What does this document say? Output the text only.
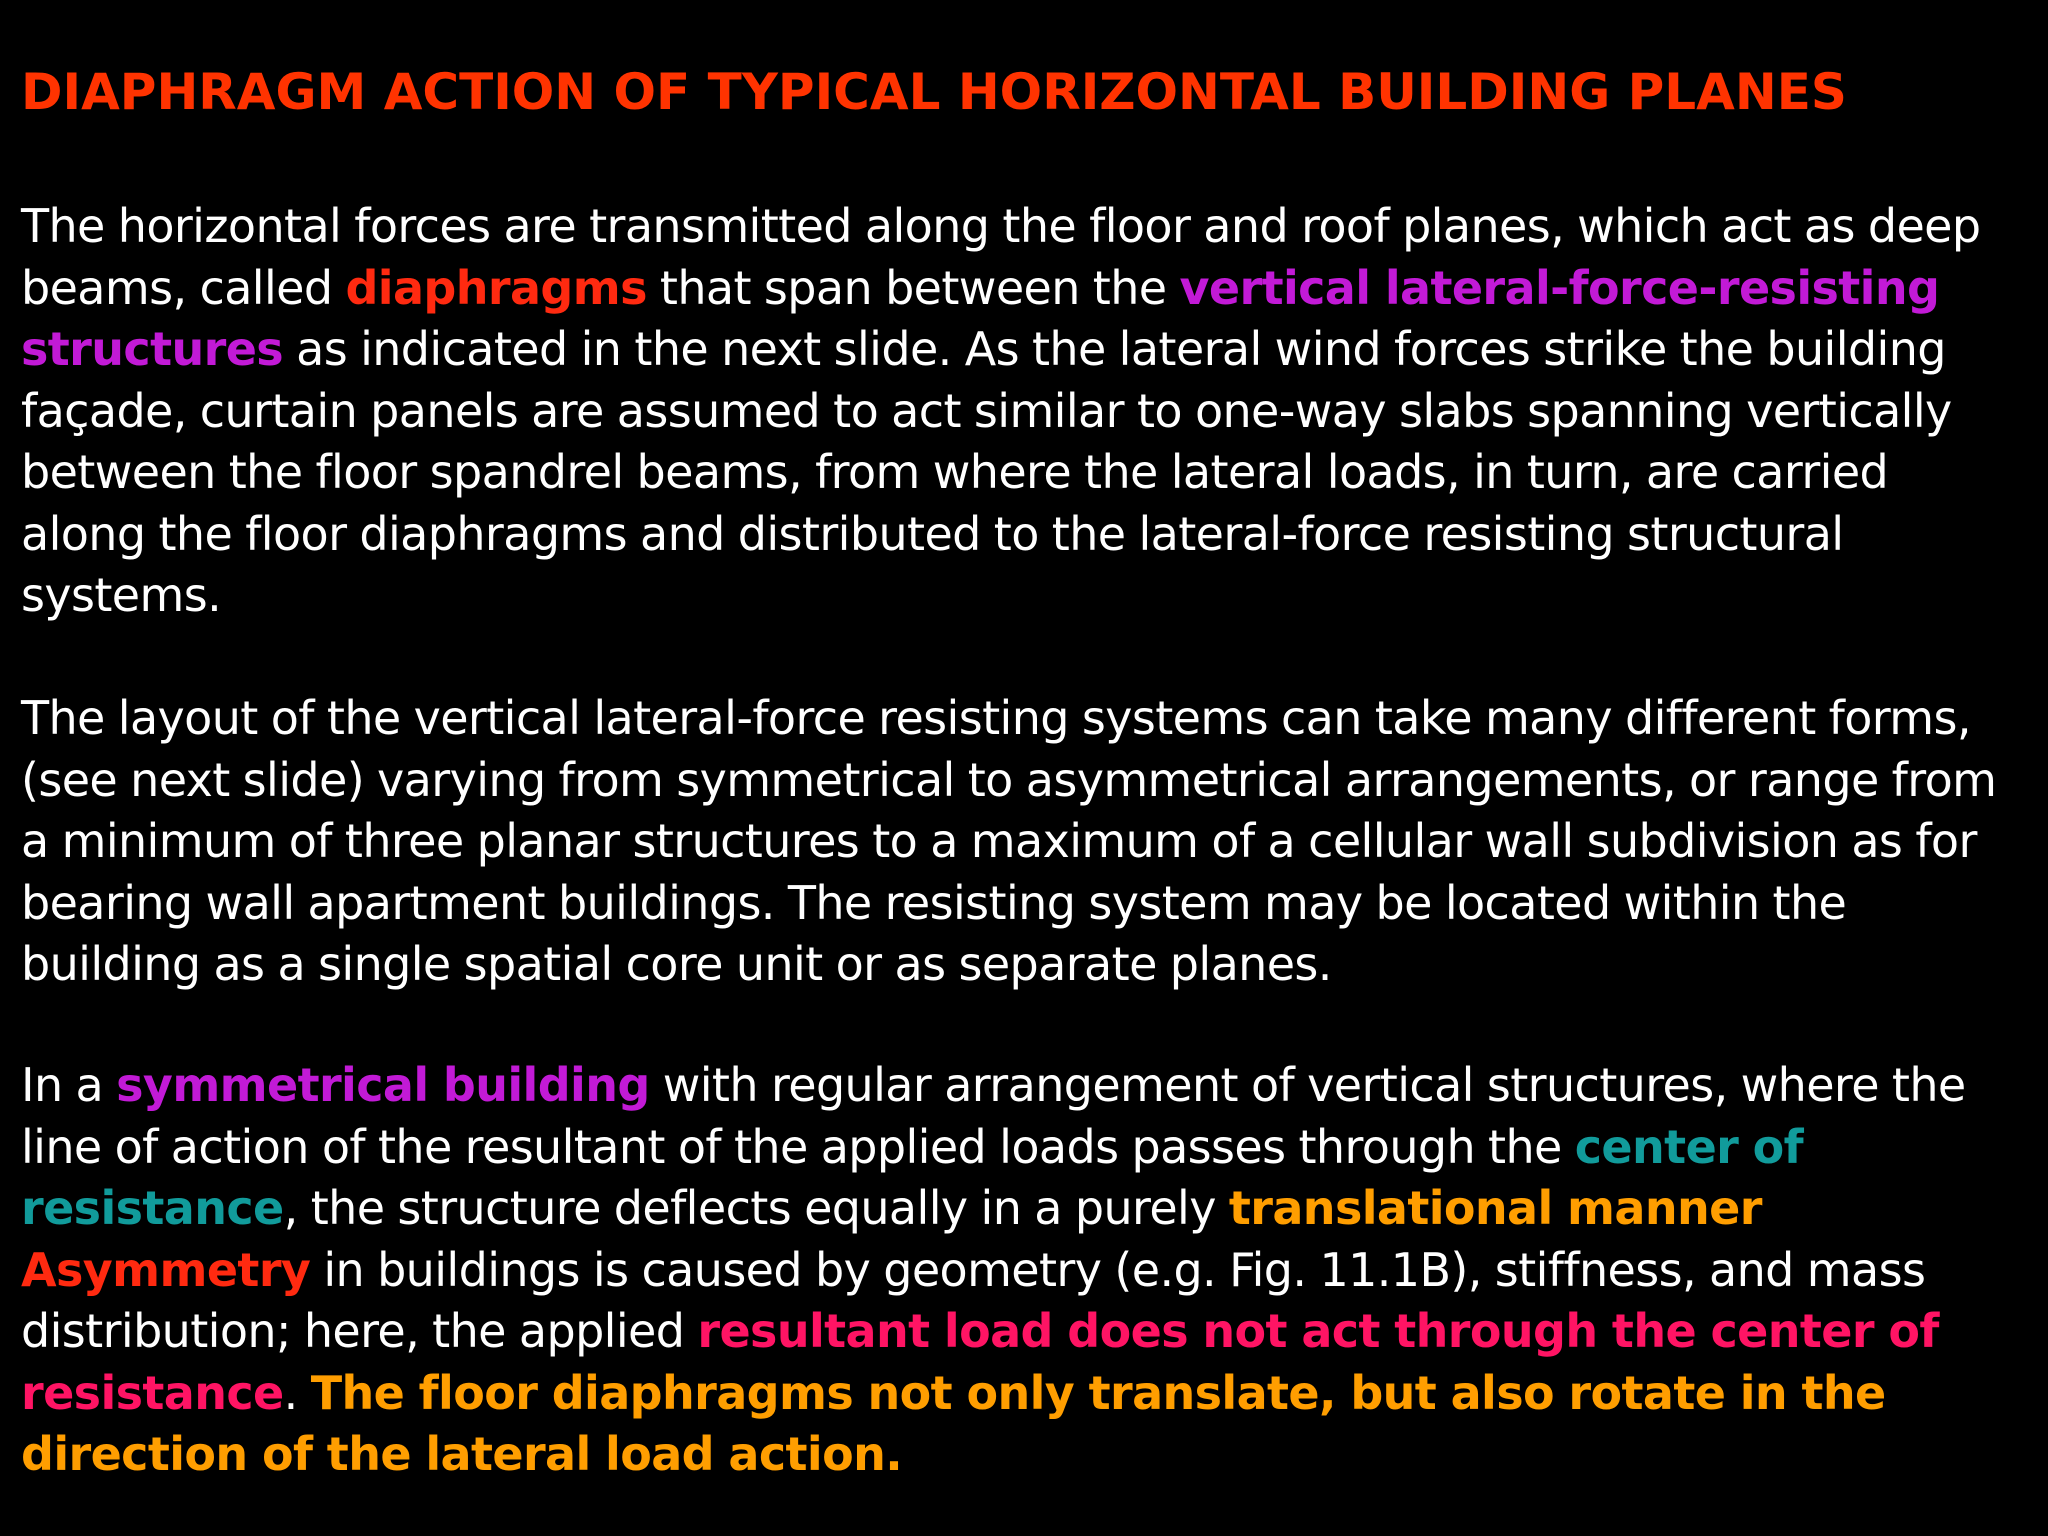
DIAPHRAGM ACTION OF TYPICAL HORIZONTAL BUILDING PLANES

The horizontal forces are transmitted along the floor and roof planes, which act as deep
beams, called diaphragms that span between the vertical lateral-force-resisting
structures as indicated in the next slide. As the lateral wind forces strike the building
façade, curtain panels are assumed to act similar to one-way slabs spanning vertically
between the floor spandrel beams, from where the lateral loads, in turn, are carried
along the floor diaphragms and distributed to the lateral-force resisting structural
systems.

The layout of the vertical lateral-force resisting systems can take many different forms,
(see next slide) varying from symmetrical to asymmetrical arrangements, or range from
a minimum of three planar structures to a maximum of a cellular wall subdivision as for
bearing wall apartment buildings. The resisting system may be located within the
building as a single spatial core unit or as separate planes.

In a symmetrical building with regular arrangement of vertical structures, where the
line of action of the resultant of the applied loads passes through the center of
resistance, the structure deflects equally in a purely translational manner
Asymmetry in buildings is caused by geometry (e.g. Fig. 11.1B), stiffness, and mass
distribution; here, the applied resultant load does not act through the center of
resistance. The floor diaphragms not only translate, but also rotate in the
direction of the lateral load action.
